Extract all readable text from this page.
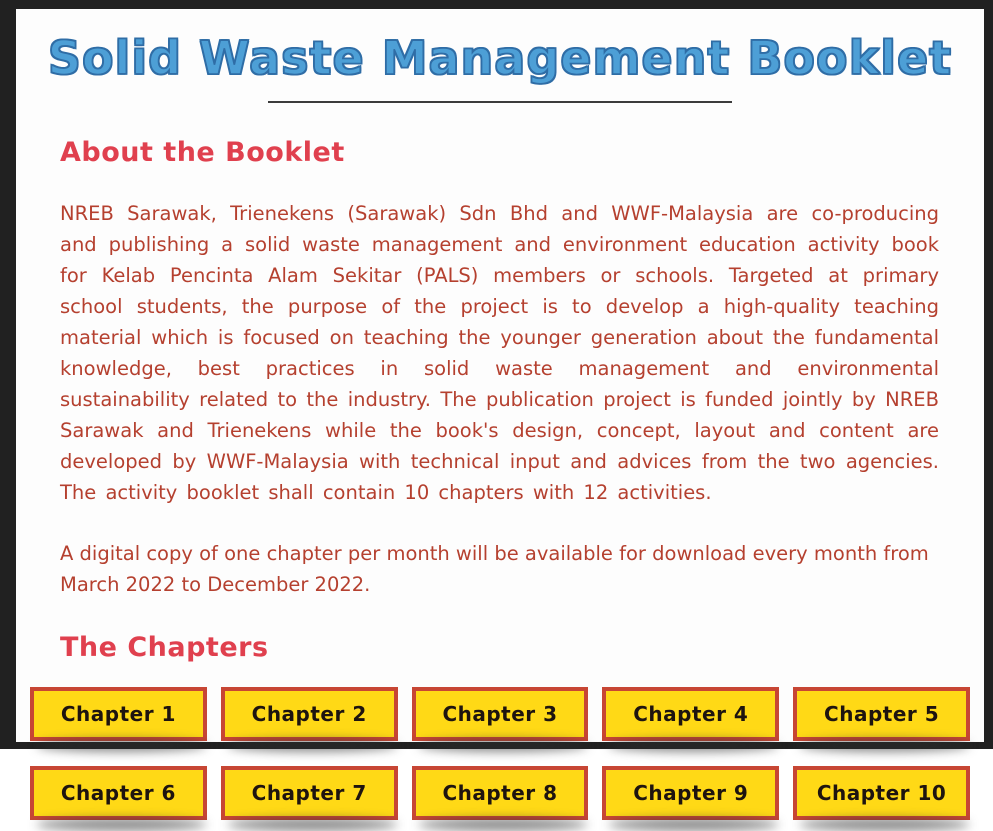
Solid Waste Management Booklet
About the Booklet

NREB Sarawak, Trienekens (Sarawak) Sdn Bhd and WWF-Malaysia are co-producing and publishing a solid waste management and environment education activity book for Kelab Pencinta Alam Sekitar (PALS) members or schools. Targeted at primary school students, the purpose of the project is to develop a high-quality teaching material which is focused on teaching the younger generation about the fundamental knowledge, best practices in solid waste management and environmental sustainability related to the industry. The publication project is funded jointly by NREB Sarawak and Trienekens while the book's design, concept, layout and content are developed by WWF-Malaysia with technical input and advices from the two agencies. The activity booklet shall contain 10 chapters with 12 activities.

A digital copy of one chapter per month will be available for download every month from March 2022 to December 2022.

The Chapters
Chapter 1	Chapter 2	Chapter 3	Chapter 4	Chapter 5
Chapter 6	Chapter 7	Chapter 8	Chapter 9	Chapter 10
